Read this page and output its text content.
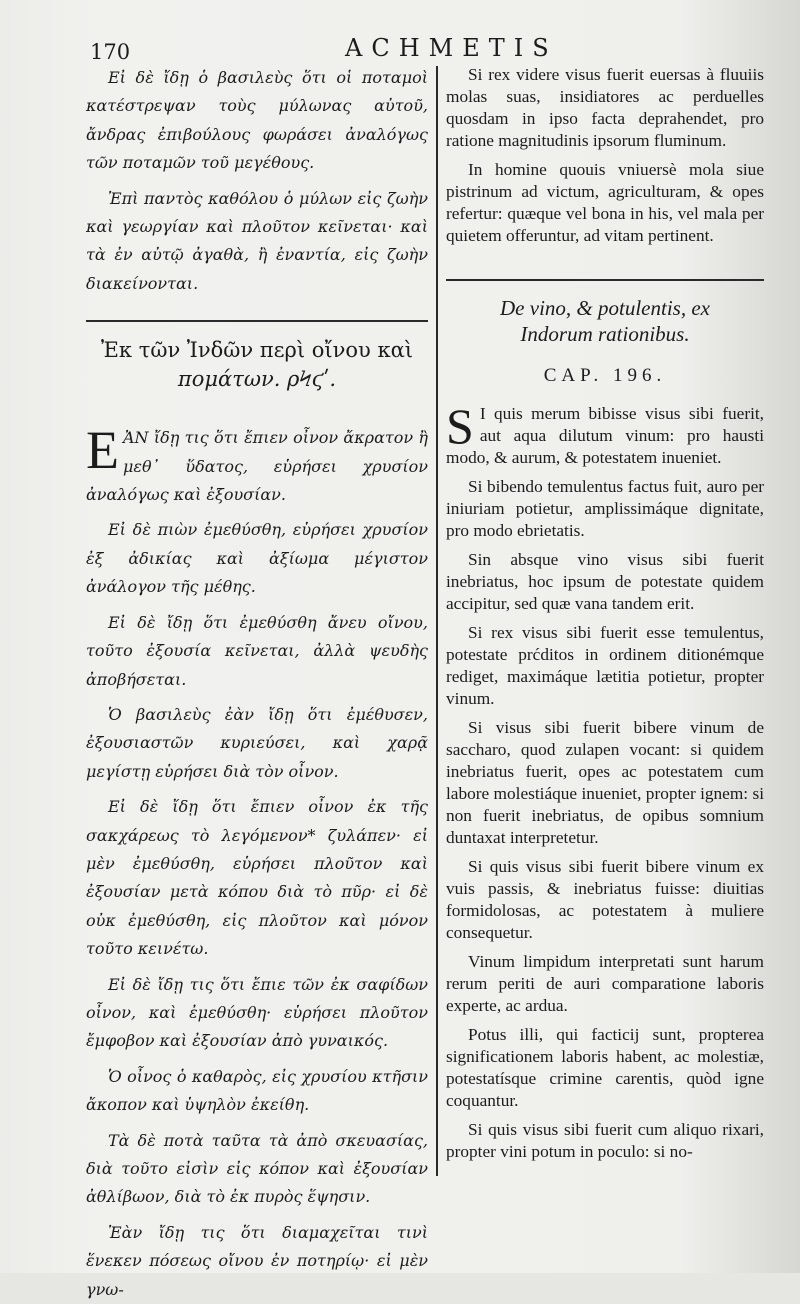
170	ACHMETIS

Εἰ δὲ ἴδῃ ὁ βασιλεὺς ὅτι οἱ ποταμοὶ κατέστρεψαν τοὺς μύλωνας αὐτοῦ, ἄνδρας ἐπιβούλους φωράσει ἀναλόγως τῶν ποταμῶν τοῦ μεγέθους.

Ἐπὶ παντὸς καθόλου ὁ μύλων εἰς ζωὴν καὶ γεωργίαν καὶ πλοῦτον κεῖνεται· καὶ τὰ ἐν αὐτῷ ἀγαθὰ, ἢ ἐναντία, εἰς ζωὴν διακείνονται.

Ἐκ τῶν Ἰνδῶν περὶ οἴνου καὶ
πομάτων. ρϞϛʹ.
E ἈΝ ἴδῃ τις ὅτι ἔπιεν οἶνον ἄκρατον ἢ μεθ᾽ ὕδατος, εὑρήσει χρυσίον ἀναλόγως καὶ ἐξουσίαν.

Εἰ δὲ πιὼν ἐμεθύσθη, εὑρήσει χρυσίον ἐξ ἀδικίας καὶ ἀξίωμα μέγιστον ἀνάλογον τῆς μέθης.

Εἰ δὲ ἴδῃ ὅτι ἐμεθύσθη ἄνευ οἴνου, τοῦτο ἐξουσία κεῖνεται, ἀλλὰ ψευδὴς ἀποβήσεται.

Ὁ βασιλεὺς ἐὰν ἴδῃ ὅτι ἐμέθυσεν, ἐξουσιαστῶν κυριεύσει, καὶ χαρᾷ μεγίστῃ εὑρήσει διὰ τὸν οἶνον.

Εἰ δὲ ἴδῃ ὅτι ἔπιεν οἶνον ἐκ τῆς σακχάρεως τὸ λεγόμενον* ζυλάπεν· εἰ μὲν ἐμεθύσθη, εὑρήσει πλοῦτον καὶ ἐξουσίαν μετὰ κόπου διὰ τὸ πῦρ· εἰ δὲ οὐκ ἐμεθύσθη, εἰς πλοῦτον καὶ μόνον τοῦτο κεινέτω.

Εἰ δὲ ἴδῃ τις ὅτι ἔπιε τῶν ἐκ σαφίδων οἶνον, καὶ ἐμεθύσθη· εὑρήσει πλοῦτον ἔμφοβον καὶ ἐξουσίαν ἀπὸ γυναικός.

Ὁ οἶνος ὁ καθαρὸς, εἰς χρυσίου κτῆσιν ἄκοπον καὶ ὑψηλὸν ἐκείθη.

Τὰ δὲ ποτὰ ταῦτα τὰ ἀπὸ σκευασίας, διὰ τοῦτο εἰσὶν εἰς κόπον καὶ ἐξουσίαν ἀθλίβωον, διὰ τὸ ἐκ πυρὸς ἕψησιν.

Ἐὰν ἴδῃ τις ὅτι διαμαχεῖται τινὶ ἕνεκεν πόσεως οἴνου ἐν ποτηρίῳ· εἰ μὲν γνω-

Si rex videre visus fuerit euersas à fluuiis molas suas, insidiatores ac perduelles quosdam in ipso facta deprahendet, pro ratione magnitudinis ipsorum fluminum.

In homine quouis vniuersè mola siue pistrinum ad victum, agriculturam, & opes refertur: quæque vel bona in his, vel mala per quietem offeruntur, ad vitam pertinent.

De vino, & potulentis, ex

Indorum rationibus.

CAP. 196.

S I quis merum bibisse visus sibi fuerit, aut aqua dilutum vinum: pro hausti modo, & aurum, & potestatem inueniet.

Si bibendo temulentus factus fuit, auro per iniuriam potietur, amplissimáque dignitate, pro modo ebrietatis.

Sin absque vino visus sibi fuerit inebriatus, hoc ipsum de potestate quidem accipitur, sed quæ vana tandem erit.

Si rex visus sibi fuerit esse temulentus, potestate prćditos in ordinem ditionémque rediget, maximáque lætitia potietur, propter vinum.

Si visus sibi fuerit bibere vinum de saccharo, quod zulapen vocant: si quidem inebriatus fuerit, opes ac potestatem cum labore molestiáque inueniet, propter ignem: si non fuerit inebriatus, de opibus somnium duntaxat interpretetur.

Si quis visus sibi fuerit bibere vinum ex vuis passis, & inebriatus fuisse: diuitias formidolosas, ac potestatem à muliere consequetur.

Vinum limpidum interpretati sunt harum rerum periti de auri comparatione laboris experte, ac ardua.

Potus illi, qui facticij sunt, propterea significationem laboris habent, ac molestiæ, potestatísque crimine carentis, quòd igne coquantur.

Si quis visus sibi fuerit cum aliquo rixari, propter vini potum in poculo: si no-
